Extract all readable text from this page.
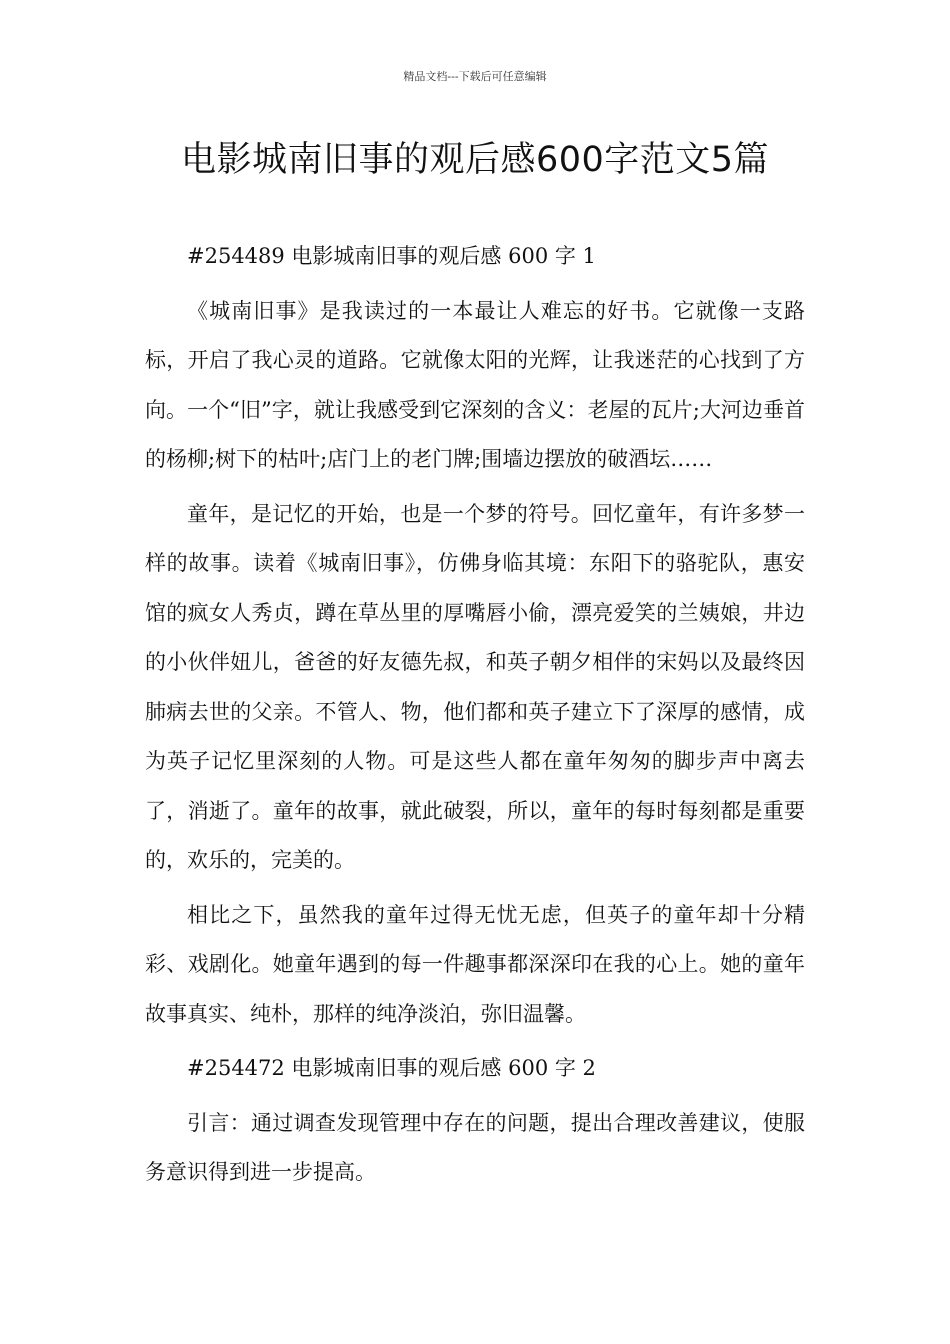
精品文档---下载后可任意编辑
电影城南旧事的观后感600字范文5篇

#254489 电影城南旧事的观后感 600 字 1

《城南旧事》是我读过的一本最让人难忘的好书。它就像一支路标，开启了我心灵的道路。它就像太阳的光辉，让我迷茫的心找到了方向。一个“旧”字，就让我感受到它深刻的含义：老屋的瓦片;大河边垂首的杨柳;树下的枯叶;店门上的老门牌;围墙边摆放的破酒坛……

童年，是记忆的开始，也是一个梦的符号。回忆童年，有许多梦一样的故事。读着《城南旧事》，仿佛身临其境：东阳下的骆驼队，惠安馆的疯女人秀贞，蹲在草丛里的厚嘴唇小偷，漂亮爱笑的兰姨娘，井边的小伙伴妞儿，爸爸的好友德先叔，和英子朝夕相伴的宋妈以及最终因肺病去世的父亲。不管人、物，他们都和英子建立下了深厚的感情，成为英子记忆里深刻的人物。可是这些人都在童年匆匆的脚步声中离去了，消逝了。童年的故事，就此破裂，所以，童年的每时每刻都是重要的，欢乐的，完美的。

相比之下，虽然我的童年过得无忧无虑，但英子的童年却十分精彩、戏剧化。她童年遇到的每一件趣事都深深印在我的心上。她的童年故事真实、纯朴，那样的纯净淡泊，弥旧温馨。

#254472 电影城南旧事的观后感 600 字 2

引言：通过调查发现管理中存在的问题，提出合理改善建议，使服务意识得到进一步提高。
